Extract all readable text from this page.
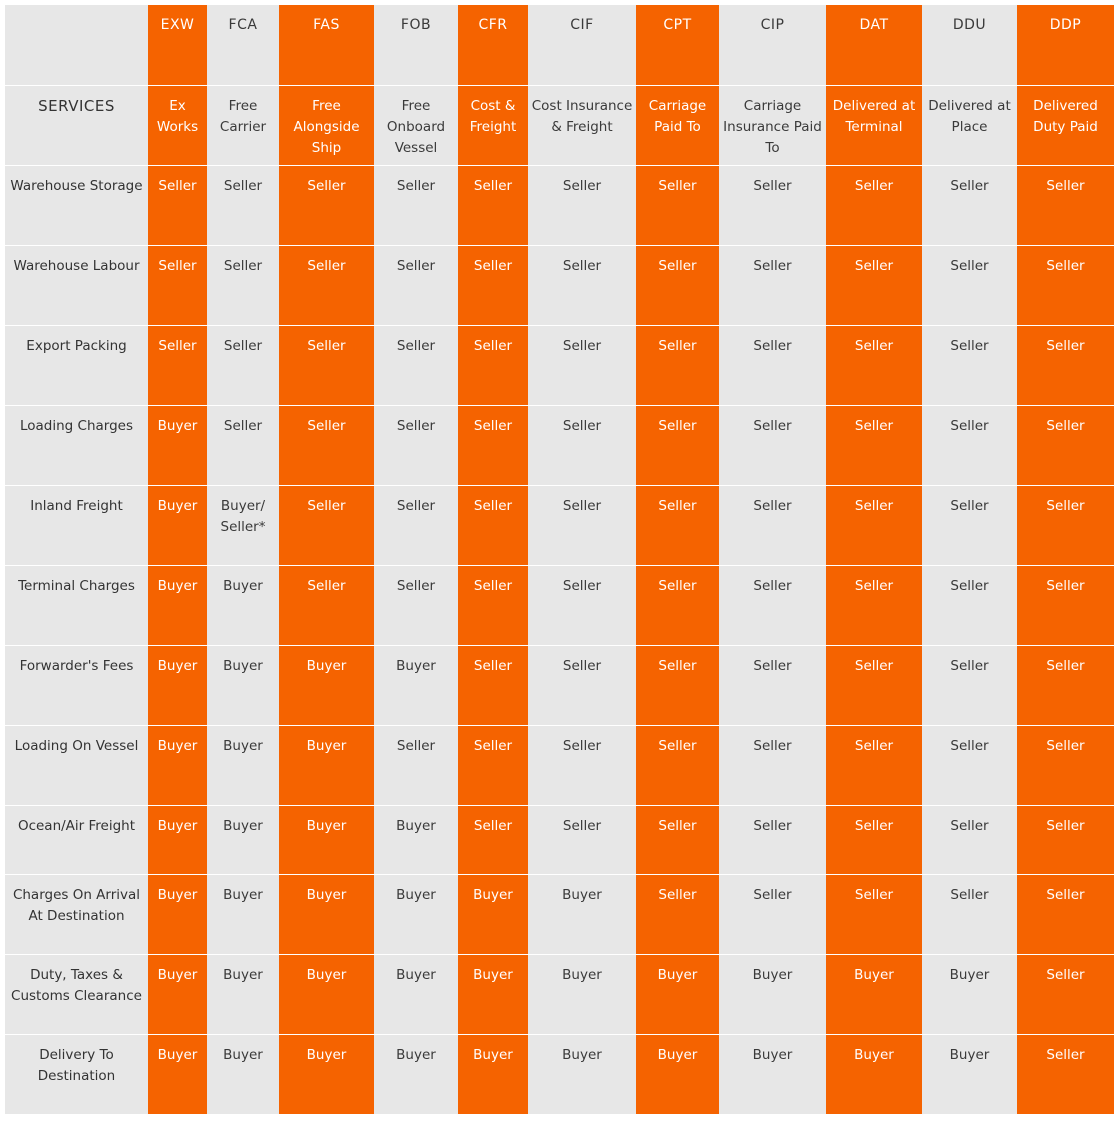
	EXW	FCA	FAS	FOB	CFR	CIF	CPT	CIP	DAT	DDU	DDP
SERVICES	Ex Works	Free Carrier	Free Alongside Ship	Free Onboard Vessel	Cost & Freight	Cost Insurance & Freight	Carriage Paid To	Carriage Insurance Paid To	Delivered at Terminal	Delivered at Place	Delivered Duty Paid
Warehouse Storage	Seller	Seller	Seller	Seller	Seller	Seller	Seller	Seller	Seller	Seller	Seller
Warehouse Labour	Seller	Seller	Seller	Seller	Seller	Seller	Seller	Seller	Seller	Seller	Seller
Export Packing	Seller	Seller	Seller	Seller	Seller	Seller	Seller	Seller	Seller	Seller	Seller
Loading Charges	Buyer	Seller	Seller	Seller	Seller	Seller	Seller	Seller	Seller	Seller	Seller
Inland Freight	Buyer	Buyer/ Seller*	Seller	Seller	Seller	Seller	Seller	Seller	Seller	Seller	Seller
Terminal Charges	Buyer	Buyer	Seller	Seller	Seller	Seller	Seller	Seller	Seller	Seller	Seller
Forwarder's Fees	Buyer	Buyer	Buyer	Buyer	Seller	Seller	Seller	Seller	Seller	Seller	Seller
Loading On Vessel	Buyer	Buyer	Buyer	Seller	Seller	Seller	Seller	Seller	Seller	Seller	Seller
Ocean/Air Freight	Buyer	Buyer	Buyer	Buyer	Seller	Seller	Seller	Seller	Seller	Seller	Seller
Charges On Arrival At Destination	Buyer	Buyer	Buyer	Buyer	Buyer	Buyer	Seller	Seller	Seller	Seller	Seller
Duty, Taxes & Customs Clearance	Buyer	Buyer	Buyer	Buyer	Buyer	Buyer	Buyer	Buyer	Buyer	Buyer	Seller
Delivery To Destination	Buyer	Buyer	Buyer	Buyer	Buyer	Buyer	Buyer	Buyer	Buyer	Buyer	Seller
